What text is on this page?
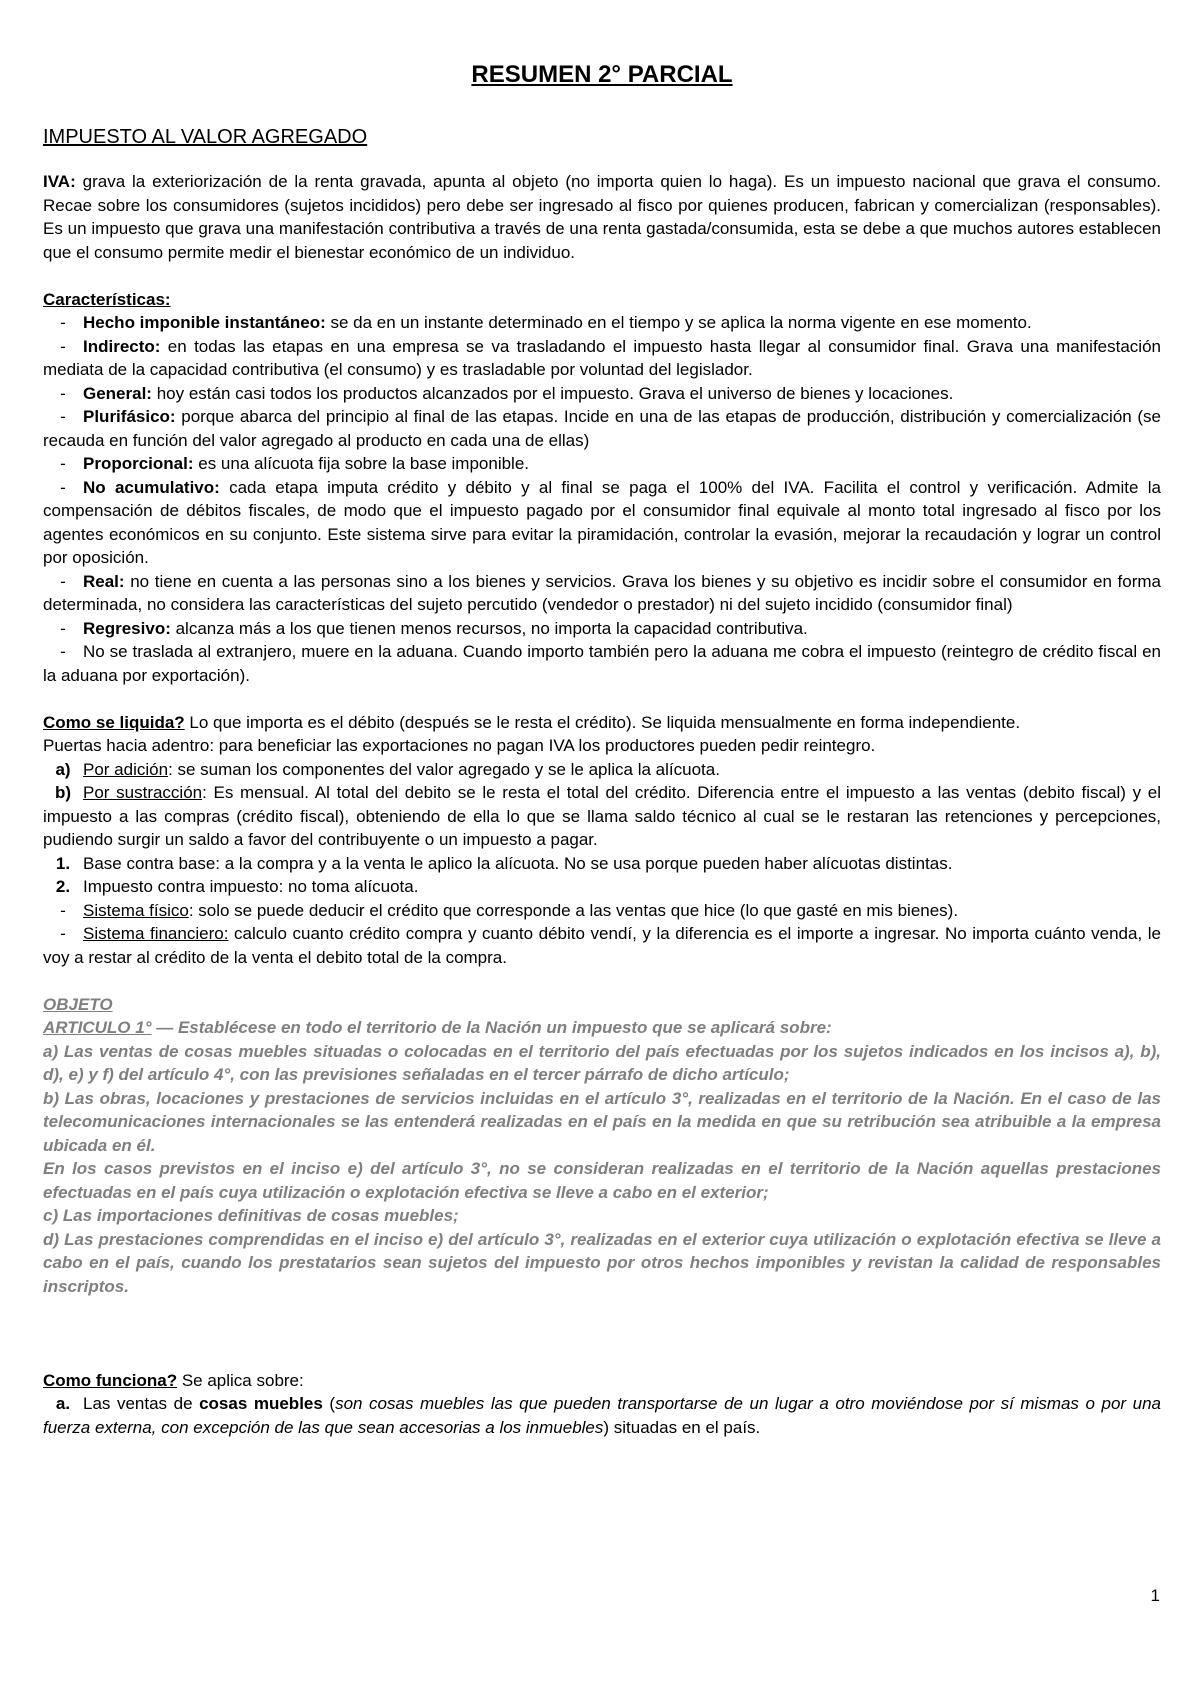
RESUMEN 2° PARCIAL
IMPUESTO AL VALOR AGREGADO

IVA: grava la exteriorización de la renta gravada, apunta al objeto (no importa quien lo haga). Es un impuesto nacional que grava el consumo. Recae sobre los consumidores (sujetos incididos) pero debe ser ingresado al fisco por quienes producen, fabrican y comercializan (responsables). Es un impuesto que grava una manifestación contributiva a través de una renta gastada/consumida, esta se debe a que muchos autores establecen que el consumo permite medir el bienestar económico de un individuo.

Características:

- Hecho imponible instantáneo: se da en un instante determinado en el tiempo y se aplica la norma vigente en ese momento.

- Indirecto: en todas las etapas en una empresa se va trasladando el impuesto hasta llegar al consumidor final. Grava una manifestación mediata de la capacidad contributiva (el consumo) y es trasladable por voluntad del legislador.

- General: hoy están casi todos los productos alcanzados por el impuesto. Grava el universo de bienes y locaciones.

- Plurifásico: porque abarca del principio al final de las etapas. Incide en una de las etapas de producción, distribución y comercialización (se recauda en función del valor agregado al producto en cada una de ellas)

- Proporcional: es una alícuota fija sobre la base imponible.

- No acumulativo: cada etapa imputa crédito y débito y al final se paga el 100% del IVA. Facilita el control y verificación. Admite la compensación de débitos fiscales, de modo que el impuesto pagado por el consumidor final equivale al monto total ingresado al fisco por los agentes económicos en su conjunto. Este sistema sirve para evitar la piramidación, controlar la evasión, mejorar la recaudación y lograr un control por oposición.

- Real: no tiene en cuenta a las personas sino a los bienes y servicios. Grava los bienes y su objetivo es incidir sobre el consumidor en forma determinada, no considera las características del sujeto percutido (vendedor o prestador) ni del sujeto incidido (consumidor final)

- Regresivo: alcanza más a los que tienen menos recursos, no importa la capacidad contributiva.

- No se traslada al extranjero, muere en la aduana. Cuando importo también pero la aduana me cobra el impuesto (reintegro de crédito fiscal en la aduana por exportación).

Como se liquida? Lo que importa es el débito (después se le resta el crédito). Se liquida mensualmente en forma independiente.

Puertas hacia adentro: para beneficiar las exportaciones no pagan IVA los productores pueden pedir reintegro.

a) Por adición: se suman los componentes del valor agregado y se le aplica la alícuota.

b) Por sustracción: Es mensual. Al total del debito se le resta el total del crédito. Diferencia entre el impuesto a las ventas (debito fiscal) y el impuesto a las compras (crédito fiscal), obteniendo de ella lo que se llama saldo técnico al cual se le restaran las retenciones y percepciones, pudiendo surgir un saldo a favor del contribuyente o un impuesto a pagar.

1. Base contra base: a la compra y a la venta le aplico la alícuota. No se usa porque pueden haber alícuotas distintas.

2. Impuesto contra impuesto: no toma alícuota.

- Sistema físico: solo se puede deducir el crédito que corresponde a las ventas que hice (lo que gasté en mis bienes).

- Sistema financiero: calculo cuanto crédito compra y cuanto débito vendí, y la diferencia es el importe a ingresar. No importa cuánto venda, le voy a restar al crédito de la venta el debito total de la compra.

OBJETO

ARTICULO 1° — Establécese en todo el territorio de la Nación un impuesto que se aplicará sobre:

a) Las ventas de cosas muebles situadas o colocadas en el territorio del país efectuadas por los sujetos indicados en los incisos a), b), d), e) y f) del artículo 4°, con las previsiones señaladas en el tercer párrafo de dicho artículo;

b) Las obras, locaciones y prestaciones de servicios incluidas en el artículo 3°, realizadas en el territorio de la Nación. En el caso de las telecomunicaciones internacionales se las entenderá realizadas en el país en la medida en que su retribución sea atribuible a la empresa ubicada en él.

En los casos previstos en el inciso e) del artículo 3°, no se consideran realizadas en el territorio de la Nación aquellas prestaciones efectuadas en el país cuya utilización o explotación efectiva se lleve a cabo en el exterior;

c) Las importaciones definitivas de cosas muebles;

d) Las prestaciones comprendidas en el inciso e) del artículo 3°, realizadas en el exterior cuya utilización o explotación efectiva se lleve a cabo en el país, cuando los prestatarios sean sujetos del impuesto por otros hechos imponibles y revistan la calidad de responsables inscriptos.

Como funciona? Se aplica sobre:

a. Las ventas de cosas muebles (son cosas muebles las que pueden transportarse de un lugar a otro moviéndose por sí mismas o por una fuerza externa, con excepción de las que sean accesorias a los inmuebles) situadas en el país.

1
